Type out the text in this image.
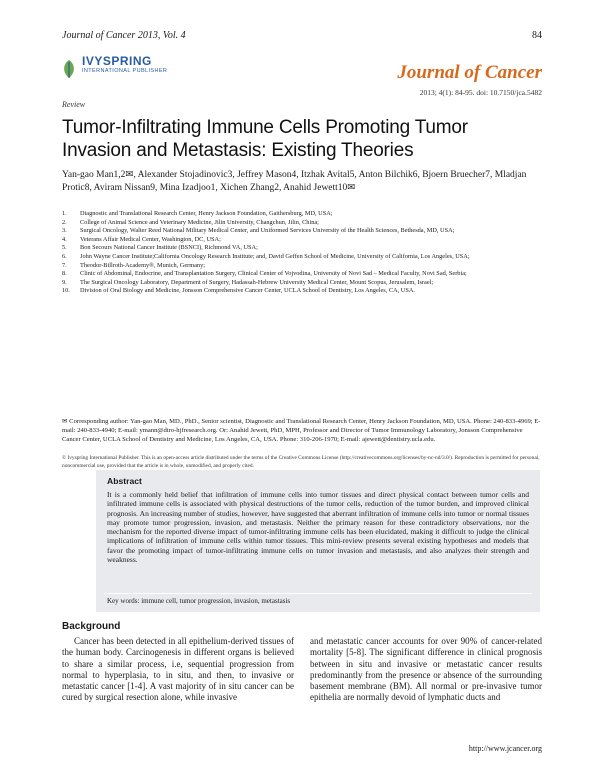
Journal of Cancer 2013, Vol. 4	84
IVYSPRING
INTERNATIONAL PUBLISHER	Journal of Cancer
2013; 4(1): 84-95. doi: 10.7150/jca.5482
Review
Tumor-Infiltrating Immune Cells Promoting Tumor Invasion and Metastasis: Existing Theories
Yan-gao Man1,2✉, Alexander Stojadinovic3, Jeffrey Mason4, Itzhak Avital5, Anton Bilchik6, Bjoern Bruecher7, Mladjan Protic8, Aviram Nissan9, Mina Izadjoo1, Xichen Zhang2, Anahid Jewett10✉
1. Diagnostic and Translational Research Center, Henry Jackson Foundation, Gaithersburg, MD, USA;
2. College of Animal Science and Veterinary Medicine, Jilin University, Changchun, Jilin, China;
3. Surgical Oncology, Walter Reed National Military Medical Center, and Uniformed Services University of the Health Sciences, Bethesda, MD, USA;
4. Veterans Affair Medical Center, Washington, DC, USA;
5. Bon Secours National Cancer Institute (BSNCI), Richmond VA, USA;
6. John Wayne Cancer Institute;California Oncology Research Institute; and, David Geffen School of Medicine, University of California, Los Angeles, USA;
7. Theodor-Billroth-Academy®, Munich, Germany;
8. Clinic of Abdominal, Endocrine, and Transplantation Surgery, Clinical Center of Vojvodina, University of Novi Sad – Medical Faculty, Novi Sad, Serbia;
9. The Surgical Oncology Laboratory, Department of Surgery, Hadassah-Hebrew University Medical Center, Mount Scopus, Jerusalem, Israel;
10. Division of Oral Biology and Medicine, Jonsson Comprehensive Cancer Center, UCLA School of Dentistry, Los Angeles, CA, USA.
✉ Corresponding author: Yan-gao Man, MD., PhD., Senior scientist, Diagnostic and Translational Research Center, Henry Jackson Foundation, MD, USA. Phone: 240-833-4969; E-mail: 240-833-4940; E-mail: ymann@dtro-hjfresearch.org. Or: Anahid Jewett, PhD, MPH, Professor and Director of Tumor Immunology Laboratory, Jonsson Comprehensive Cancer Center, UCLA School of Dentistry and Medicine, Los Angeles, CA, USA. Phone: 310-206-1970; E-mail: ajewett@dentistry.ucla.edu.
© Ivyspring International Publisher. This is an open-access article distributed under the terms of the Creative Commons License (http://creativecommons.org/licenses/by-nc-nd/3.0/). Reproduction is permitted for personal, noncommercial use, provided that the article is in whole, unmodified, and properly cited.
Abstract
It is a commonly held belief that infiltration of immune cells into tumor tissues and direct physical contact between tumor cells and infiltrated immune cells is associated with physical destructions of the tumor cells, reduction of the tumor burden, and improved clinical prognosis. An increasing number of studies, however, have suggested that aberrant infiltration of immune cells into tumor or normal tissues may promote tumor progression, invasion, and metastasis. Neither the primary reason for these contradictory observations, nor the mechanism for the reported diverse impact of tumor-infiltrating immune cells has been elucidated, making it difficult to judge the clinical implications of infiltration of immune cells within tumor tissues. This mini-review presents several existing hypotheses and models that favor the promoting impact of tumor-infiltrating immune cells on tumor invasion and metastasis, and also analyzes their strength and weakness.
Key words: immune cell, tumor progression, invasion, metastasis
Background
Cancer has been detected in all epithelium-derived tissues of the human body. Carcinogenesis in different organs is believed to share a similar process, i.e, sequential progression from normal to hyperplasia, to in situ, and then, to invasive or metastatic cancer [1-4]. A vast majority of in situ cancer can be cured by surgical resection alone, while invasive
and metastatic cancer accounts for over 90% of cancer-related mortality [5-8]. The significant difference in clinical prognosis between in situ and invasive or metastatic cancer results predominantly from the presence or absence of the surrounding basement membrane (BM). All normal or pre-invasive tumor epithelia are normally devoid of lymphatic ducts and
http://www.jcancer.org
